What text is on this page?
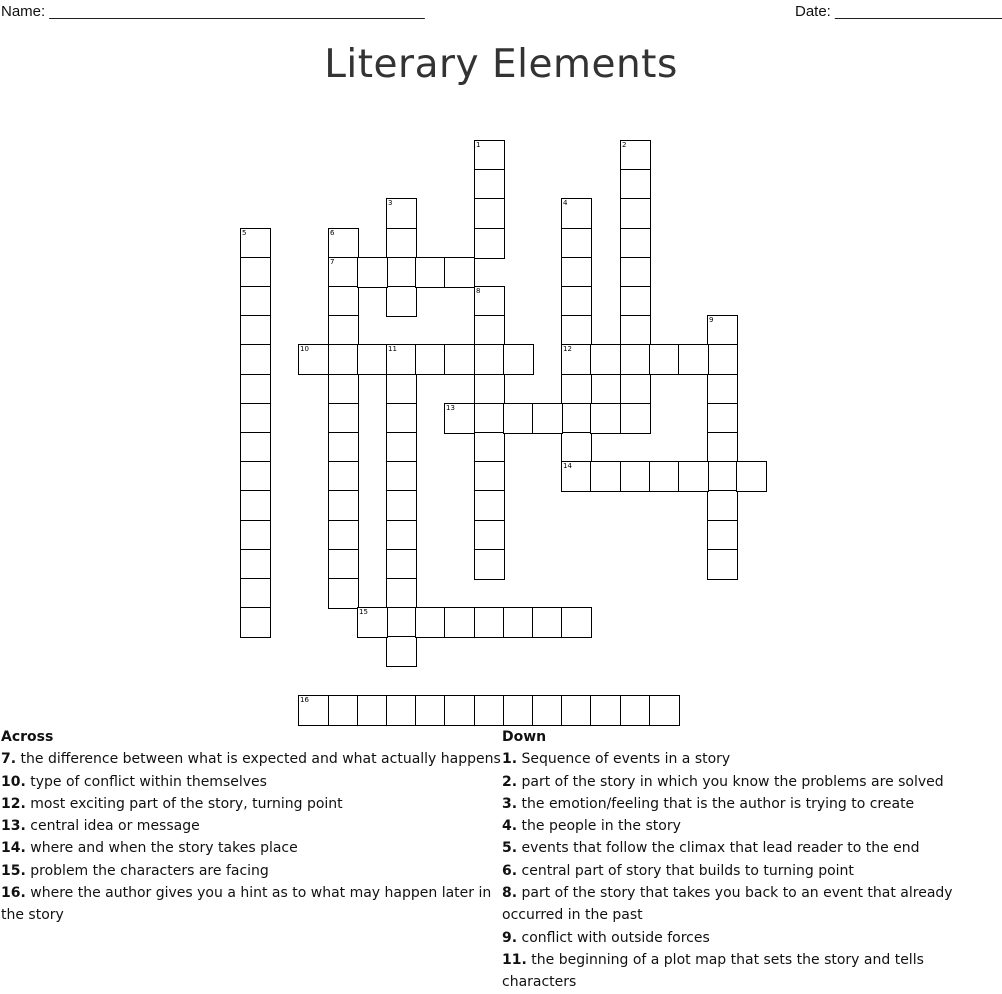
Name: _____________________________________________	Date: ____________________
Literary Elements
1	2
3	4
12
14
5	6
7
8
9
10	11
13
15
16
Across
7. the difference between what is expected and what actually happens
10. type of conflict within themselves
12. most exciting part of the story, turning point
13. central idea or message
14. where and when the story takes place
15. problem the characters are facing
16. where the author gives you a hint as to what may happen later in the story
Down
1. Sequence of events in a story
2. part of the story in which you know the problems are solved
3. the emotion/feeling that is the author is trying to create
4. the people in the story
5. events that follow the climax that lead reader to the end
6. central part of story that builds to turning point
8. part of the story that takes you back to an event that already occurred in the past
9. conflict with outside forces
11. the beginning of a plot map that sets the story and tells characters
